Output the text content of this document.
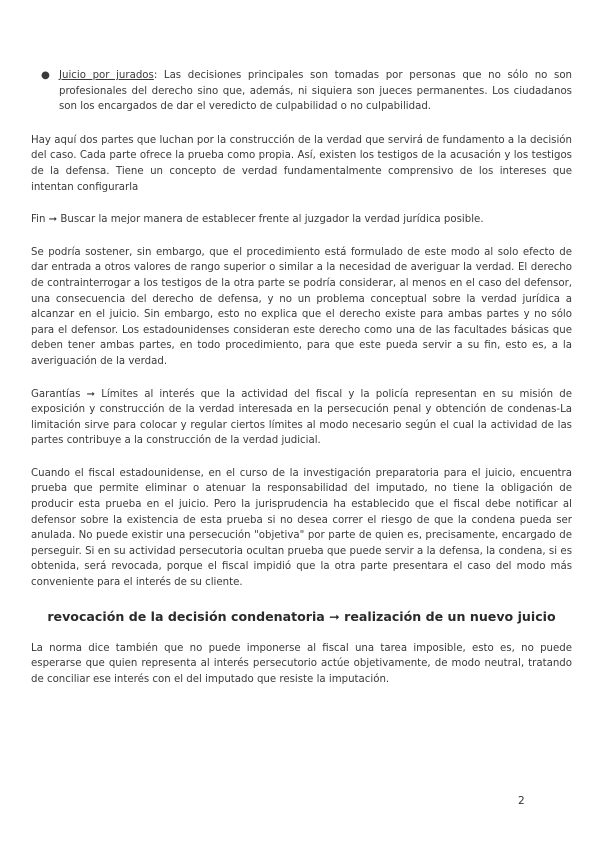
● Juicio por jurados: Las decisiones principales son tomadas por personas que no sólo no son profesionales del derecho sino que, además, ni siquiera son jueces permanentes. Los ciudadanos son los encargados de dar el veredicto de culpabilidad o no culpabilidad.

Hay aquí dos partes que luchan por la construcción de la verdad que servirá de fundamento a la decisión del caso. Cada parte ofrece la prueba como propia. Así, existen los testigos de la acusación y los testigos de la defensa. Tiene un concepto de verdad fundamentalmente comprensivo de los intereses que intentan configurarla

Fin ➞ Buscar la mejor manera de establecer frente al juzgador la verdad jurídica posible.

Se podría sostener, sin embargo, que el procedimiento está formulado de este modo al solo efecto de dar entrada a otros valores de rango superior o similar a la necesidad de averiguar la verdad. El derecho de contrainterrogar a los testigos de la otra parte se podría considerar, al menos en el caso del defensor, una consecuencia del derecho de defensa, y no un problema conceptual sobre la verdad jurídica a alcanzar en el juicio. Sin embargo, esto no explica que el derecho existe para ambas partes y no sólo para el defensor. Los estadounidenses consideran este derecho como una de las facultades básicas que deben tener ambas partes, en todo procedimiento, para que este pueda servir a su fin, esto es, a la averiguación de la verdad.

Garantías ➞ Límites al interés que la actividad del fiscal y la policía representan en su misión de exposición y construcción de la verdad interesada en la persecución penal y obtención de condenas-La limitación sirve para colocar y regular ciertos límites al modo necesario según el cual la actividad de las partes contribuye a la construcción de la verdad judicial.

Cuando el fiscal estadounidense, en el curso de la investigación preparatoria para el juicio, encuentra prueba que permite eliminar o atenuar la responsabilidad del imputado, no tiene la obligación de producir esta prueba en el juicio. Pero la jurisprudencia ha establecido que el fiscal debe notificar al defensor sobre la existencia de esta prueba si no desea correr el riesgo de que la condena pueda ser anulada. No puede existir una persecución "objetiva" por parte de quien es, precisamente, encargado de perseguir. Si en su actividad persecutoria ocultan prueba que puede servir a la defensa, la condena, si es obtenida, será revocada, porque el fiscal impidió que la otra parte presentara el caso del modo más conveniente para el interés de su cliente.

revocación de la decisión condenatoria ➞ realización de un nuevo juicio

La norma dice también que no puede imponerse al fiscal una tarea imposible, esto es, no puede esperarse que quien representa al interés persecutorio actúe objetivamente, de modo neutral, tratando de conciliar ese interés con el del imputado que resiste la imputación.

2
